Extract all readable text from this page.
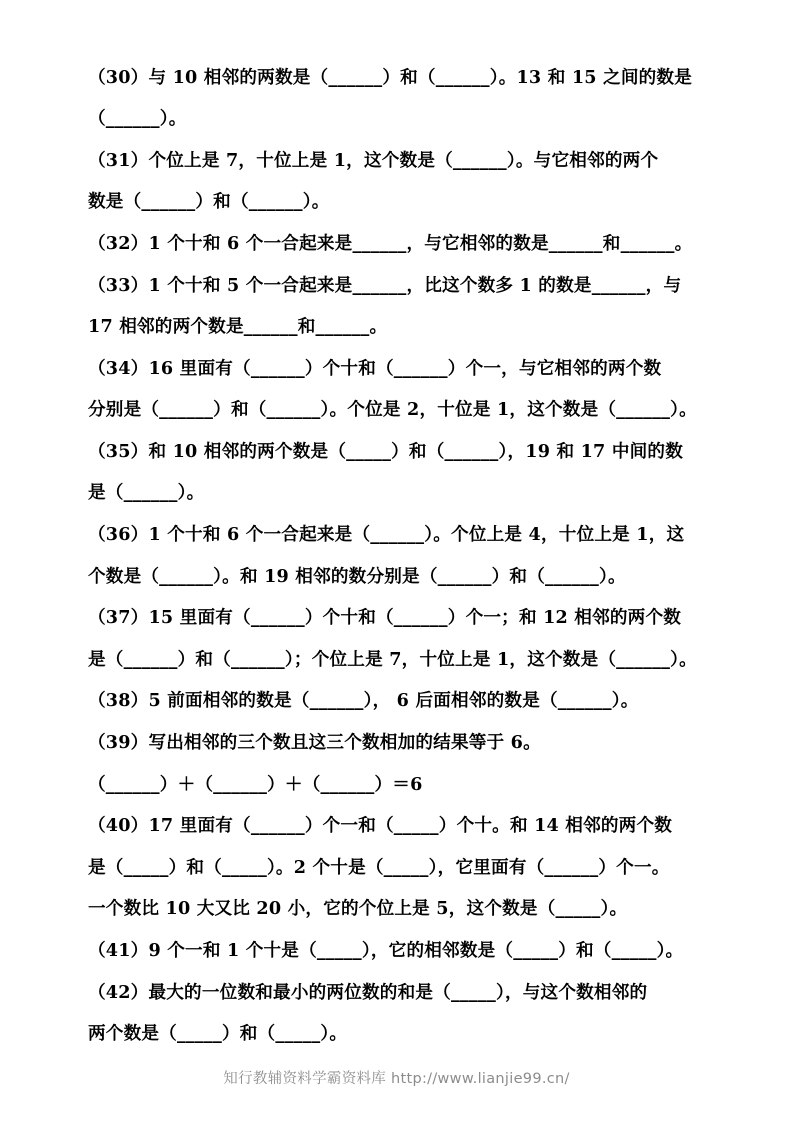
（30）与 10 相邻的两数是（______）和（______）。13 和 15 之间的数是
（______）。
（31）个位上是 7，十位上是 1，这个数是（______）。与它相邻的两个
数是（______）和（______）。
（32）1 个十和 6 个一合起来是______，与它相邻的数是______和______。
（33）1 个十和 5 个一合起来是______，比这个数多 1 的数是______，与
17 相邻的两个数是______和______。
（34）16 里面有（______）个十和（______）个一，与它相邻的两个数
分别是（______）和（______）。个位是 2，十位是 1，这个数是（______）。
（35）和 10 相邻的两个数是（_____）和（______），19 和 17 中间的数
是（______）。
（36）1 个十和 6 个一合起来是（______）。个位上是 4，十位上是 1，这
个数是（______）。和 19 相邻的数分别是（______）和（______）。
（37）15 里面有（______）个十和（______）个一；和 12 相邻的两个数
是（______）和（______）；个位上是 7，十位上是 1，这个数是（______）。
（38）5 前面相邻的数是（______）， 6 后面相邻的数是（______）。
（39）写出相邻的三个数且这三个数相加的结果等于 6。
（______）＋（______）＋（______）＝6
（40）17 里面有（______）个一和（_____）个十。和 14 相邻的两个数
是（_____）和（_____）。2 个十是（_____），它里面有（______）个一。
一个数比 10 大又比 20 小，它的个位上是 5，这个数是（_____）。
（41）9 个一和 1 个十是（_____），它的相邻数是（_____）和（_____）。
（42）最大的一位数和最小的两位数的和是（_____），与这个数相邻的
两个数是（_____）和（_____）。
知行教辅资料学霸资料库 http://www.lianjie99.cn/
